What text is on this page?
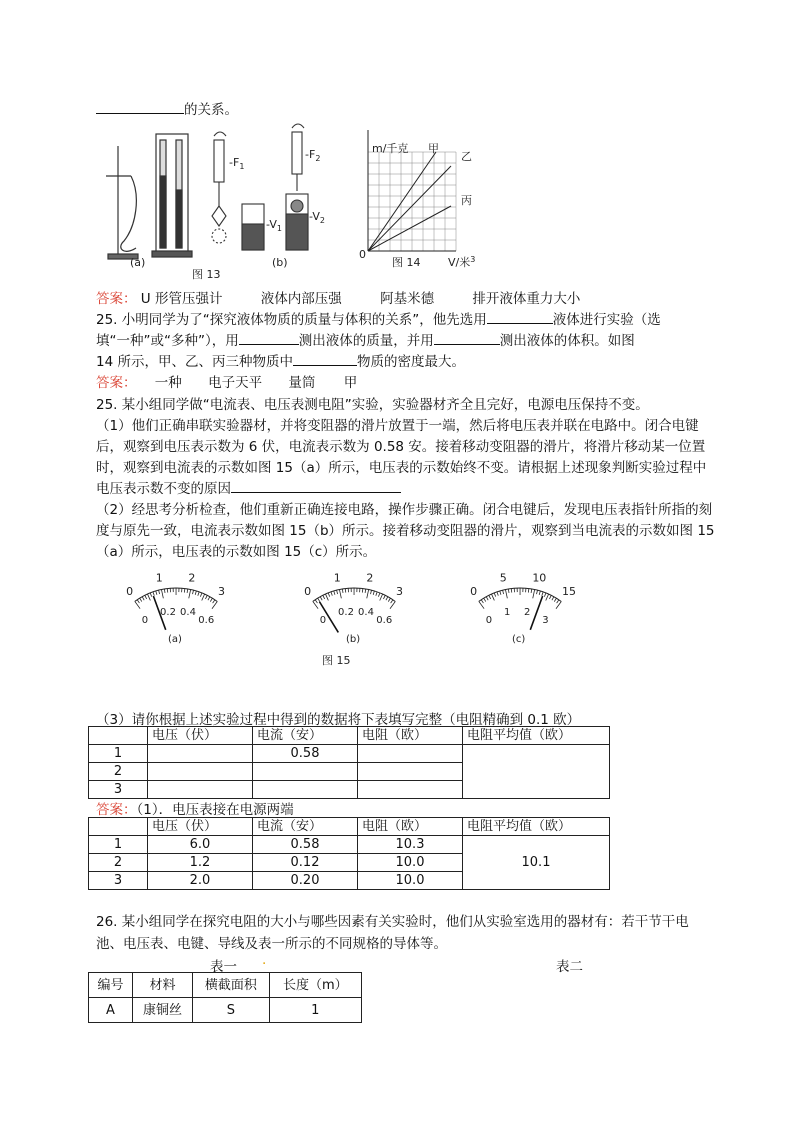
的关系。
(a)
图 13
$-F_1$
$-F_2$
$-V_1$
$-V_2$
(b)
m/千克 甲
乙
丙
0
图 14	V/米$^3$
答案： U 形管压强计	液体内部压强	阿基米德	排开液体重力大小
25. 小明同学为了“探究液体物质的质量与体积的关系”，他先选用	液体进行实验（选
填“一种”或“多种”），用	测出液体的质量，并用	测出液体的体积。如图
14 所示，甲、乙、丙三种物质中	物质的密度最大。
答案： 一种 电子天平 量筒 甲
25. 某小组同学做“电流表、电压表测电阻”实验，实验器材齐全且完好，电源电压保持不变。
（1）他们正确串联实验器材，并将变阻器的滑片放置于一端，然后将电压表并联在电路中。闭合电键
后，观察到电压表示数为 6 伏，电流表示数为 0.58 安。接着移动变阻器的滑片，将滑片移动某一位置
时，观察到电流表的示数如图 15（a）所示，电压表的示数始终不变。请根据上述现象判断实验过程中
电压表示数不变的原因
（2）经思考分析检查，他们重新正确连接电路，操作步骤正确。闭合电键后，发现电压表指针所指的刻
度与原先一致，电流表示数如图 15（b）所示。接着移动变阻器的滑片，观察到当电流表的示数如图 15
（a）所示，电压表的示数如图 15（c）所示。
0
1 2
3
0
0.2 0.4
0.6
(a)
0
1 2
3
0
0.2 0.4
0.6
(b)
0
5 10
15
0
1 2
3
(c)
图 15
（3）请你根据上述实验过程中得到的数据将下表填写完整（电阻精确到 0.1 欧）
	电压（伏）	电流（安）	电阻（欧）	电阻平均值（欧）
1		0.58		
2				
3				
答案：（1）．电压表接在电源两端
	电压（伏）	电流（安）	电阻（欧）	电阻平均值（欧）
1	6.0	0.58	10.3	10.1
2	1.2	0.12	10.0	
3	2.0	0.20	10.0	
26. 某小组同学在探究电阻的大小与哪些因素有关实验时，他们从实验室选用的器材有：若干节干电
池、电压表、电键、导线及表一所示的不同规格的导体等。
表一 .	表二
编号	材料	横截面积	长度（m）
A	康铜丝	S	1
